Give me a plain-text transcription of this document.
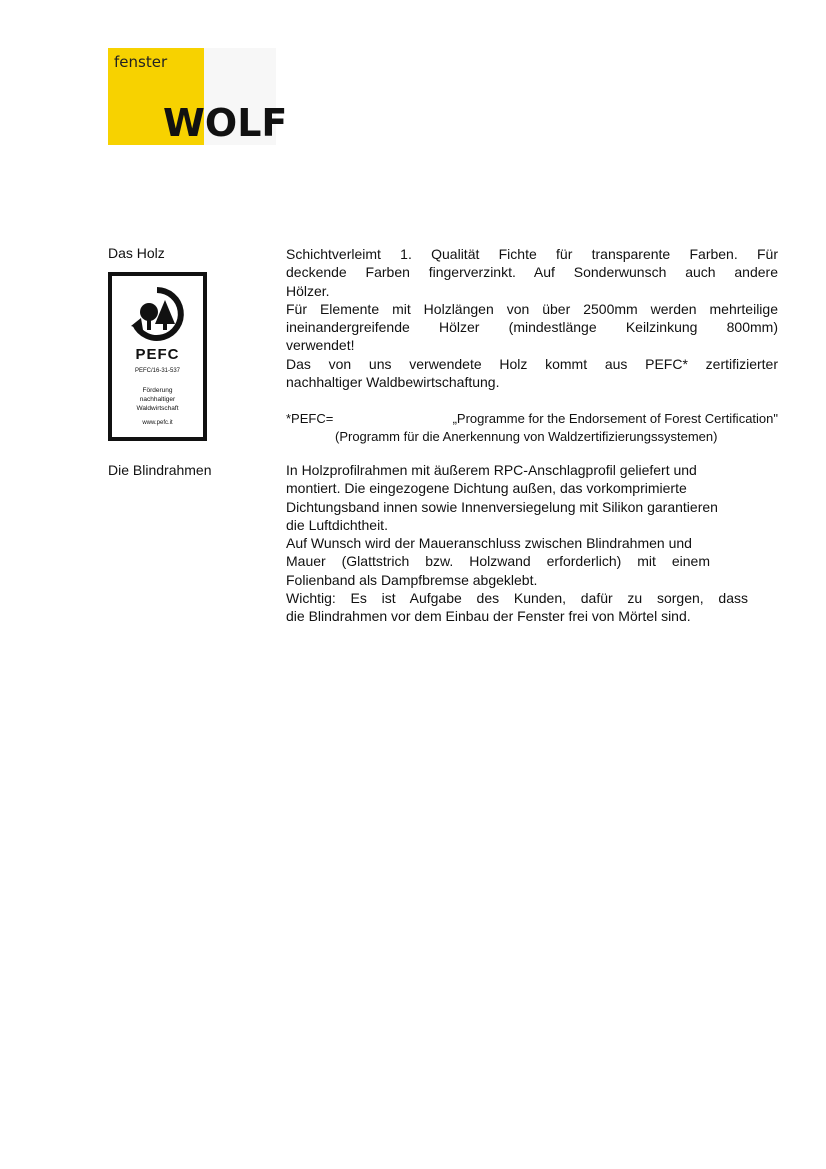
fenster
WOLF
Das Holz	Schichtverleimt 1. Qualität Fichte für transparente Farben. Für

deckende Farben fingerverzinkt. Auf Sonderwunsch auch andere

Hölzer.

Für Elemente mit Holzlängen von über 2500mm werden mehrteilige

ineinandergreifende Hölzer (mindestlänge Keilzinkung 800mm)

verwendet!

Das von uns verwendete Holz kommt aus PEFC* zertifizierter

nachhaltiger Waldbewirtschaftung.

*PEFC=	„Programme for the Endorsement of Forest Certification"
(Programm für die Anerkennung von Waldzertifizierungssystemen)
PEFC
PEFC/16-31-537
Förderung
nachhaltiger
Waldwirtschaft
www.pefc.it
Die Blindrahmen	In Holzprofilrahmen mit äußerem RPC-Anschlagprofil geliefert und

montiert. Die eingezogene Dichtung außen, das vorkomprimierte

Dichtungsband innen sowie Innenversiegelung mit Silikon garantieren

die Luftdichtheit.

Auf Wunsch wird der Maueranschluss zwischen Blindrahmen und

Mauer (Glattstrich bzw. Holzwand erforderlich) mit einem

Folienband als Dampfbremse abgeklebt.

Wichtig: Es ist Aufgabe des Kunden, dafür zu sorgen, dass

die Blindrahmen vor dem Einbau der Fenster frei von Mörtel sind.
